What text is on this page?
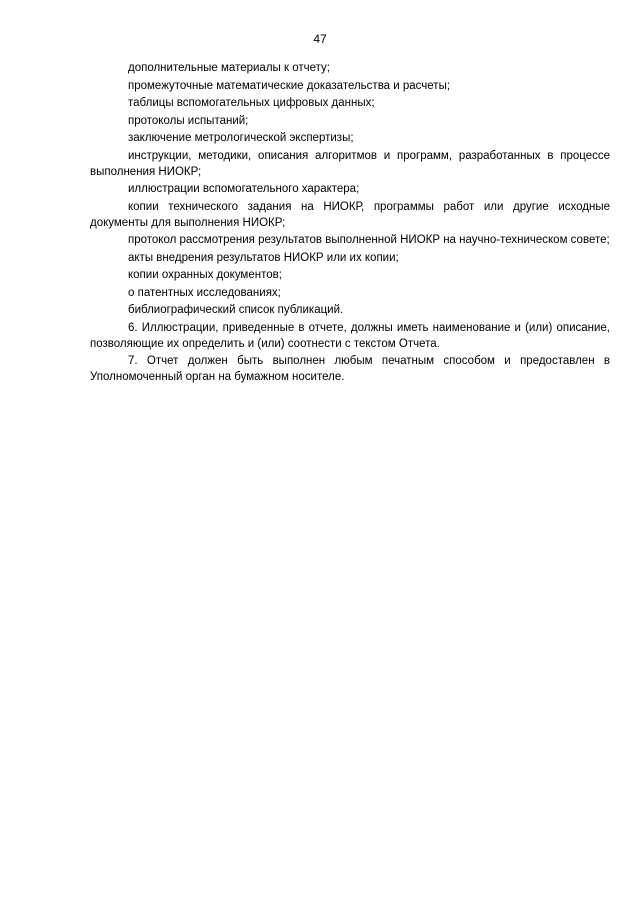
47

дополнительные материалы к отчету;

промежуточные математические доказательства и расчеты;

таблицы вспомогательных цифровых данных;

протоколы испытаний;

заключение метрологической экспертизы;

инструкции, методики, описания алгоритмов и программ, разработанных в процессе выполнения НИОКР;

иллюстрации вспомогательного характера;

копии технического задания на НИОКР, программы работ или другие исходные документы для выполнения НИОКР;

протокол рассмотрения результатов выполненной НИОКР на научно-техническом совете;

акты внедрения результатов НИОКР или их копии;

копии охранных документов;

о патентных исследованиях;

библиографический список публикаций.

6. Иллюстрации, приведенные в отчете, должны иметь наименование и (или) описание, позволяющие их определить и (или) соотнести с текстом Отчета.

7. Отчет должен быть выполнен любым печатным способом и предоставлен в Уполномоченный орган на бумажном носителе.
